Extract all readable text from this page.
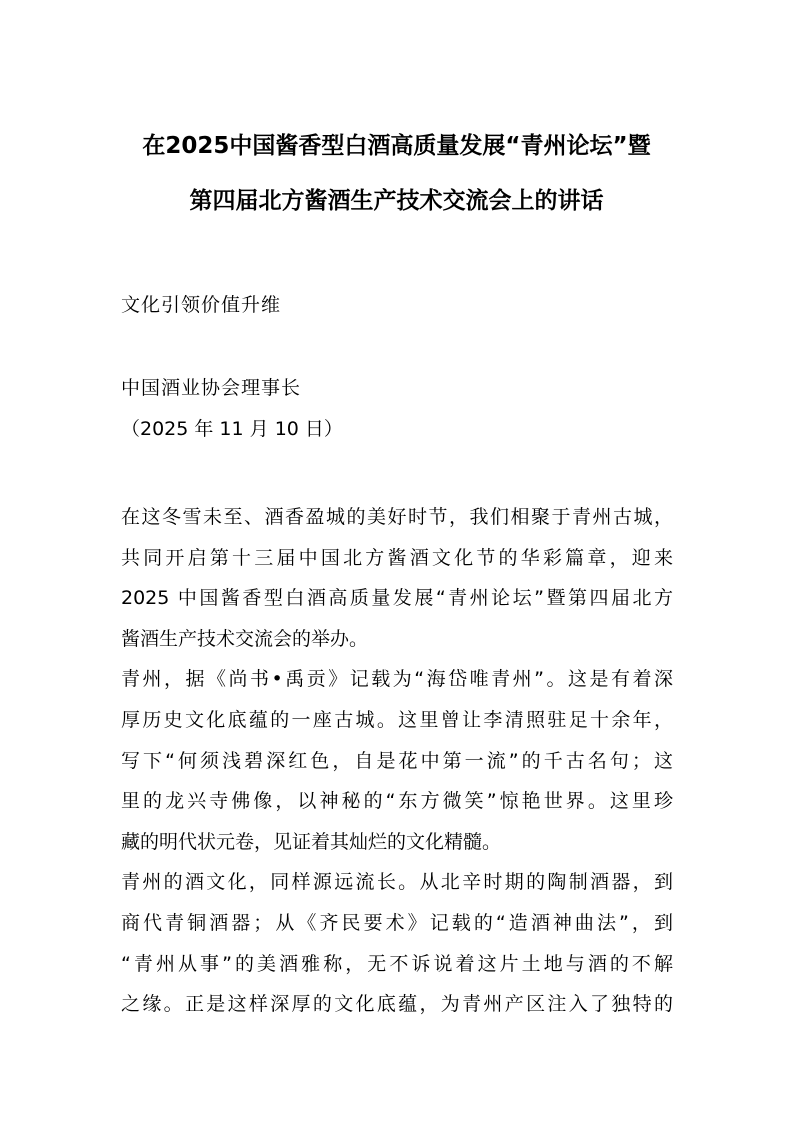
在2025中国酱香型白酒高质量发展“青州论坛”暨
第四届北方酱酒生产技术交流会上的讲话
文化引领价值升维
中国酒业协会理事长
（2025 年 11 月 10 日）
在这冬雪未至、酒香盈城的美好时节，我们相聚于青州古城，
共同开启第十三届中国北方酱酒文化节的华彩篇章，迎来
2025 中国酱香型白酒高质量发展“青州论坛”暨第四届北方
酱酒生产技术交流会的举办。
青州，据《尚书•禹贡》记载为“海岱唯青州”。这是有着深
厚历史文化底蕴的一座古城。这里曾让李清照驻足十余年，
写下“何须浅碧深红色，自是花中第一流”的千古名句；这
里的龙兴寺佛像，以神秘的“东方微笑”惊艳世界。这里珍
藏的明代状元卷，见证着其灿烂的文化精髓。
青州的酒文化，同样源远流长。从北辛时期的陶制酒器，到
商代青铜酒器；从《齐民要术》记载的“造酒神曲法”，到
“青州从事”的美酒雅称，无不诉说着这片土地与酒的不解
之缘。正是这样深厚的文化底蕴，为青州产区注入了独特的
